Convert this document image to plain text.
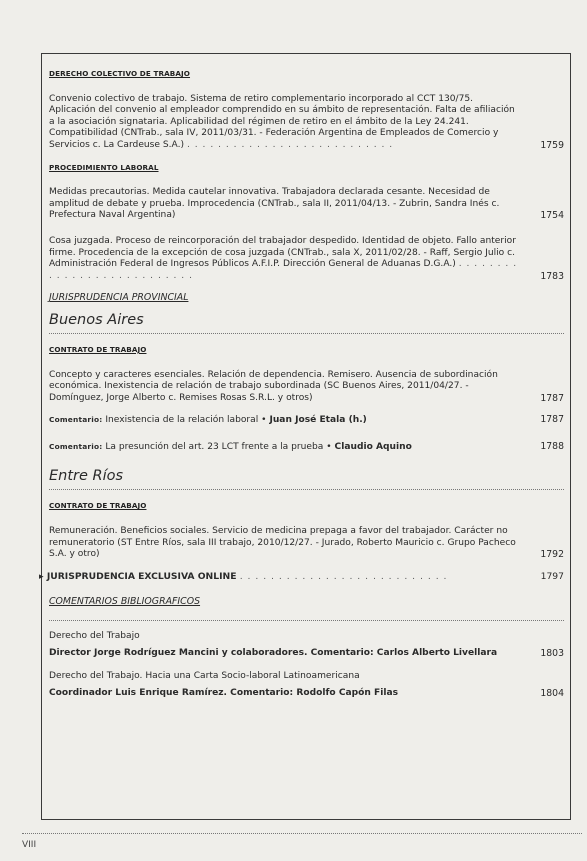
DERECHO COLECTIVO DE TRABAJO
Convenio colectivo de trabajo. Sistema de retiro complementario incorporado al CCT 130/75. Aplicación del convenio al empleador comprendido en su ámbito de representación. Falta de afiliación a la asociación signataria. Aplicabilidad del régimen de retiro en el ámbito de la Ley 24.241. Compatibilidad (CNTrab., sala IV, 2011/03/31. - Federación Argentina de Empleados de Comercio y Servicios c. La Cardeuse S.A.) . . . . . . . . . . . . . . . . . . . . . . . . . . .	1759
PROCEDIMIENTO LABORAL
Medidas precautorias. Medida cautelar innovativa. Trabajadora declarada cesante. Necesidad de amplitud de debate y prueba. Improcedencia (CNTrab., sala II, 2011/04/13. - Zubrin, Sandra Inés c. Prefectura Naval Argentina)	1754
Cosa juzgada. Proceso de reincorporación del trabajador despedido. Identidad de objeto. Fallo anterior firme. Procedencia de la excepción de cosa juzgada (CNTrab., sala X, 2011/02/28. - Raff, Sergio Julio c. Administración Federal de Ingresos Públicos A.F.I.P. Dirección General de Aduanas D.G.A.) . . . . . . . . . . . . . . . . . . . . . . . . . . .	1783
JURISPRUDENCIA PROVINCIAL
Buenos Aires
CONTRATO DE TRABAJO
Concepto y caracteres esenciales. Relación de dependencia. Remisero. Ausencia de subordinación económica. Inexistencia de relación de trabajo subordinada (SC Buenos Aires, 2011/04/27. - Domínguez, Jorge Alberto c. Remises Rosas S.R.L. y otros)	1787
Comentario: Inexistencia de la relación laboral • Juan José Etala (h.)	1787
Comentario: La presunción del art. 23 LCT frente a la prueba • Claudio Aquino	1788
Entre Ríos
CONTRATO DE TRABAJO
Remuneración. Beneficios sociales. Servicio de medicina prepaga a favor del trabajador. Carácter no remuneratorio (ST Entre Ríos, sala III trabajo, 2010/12/27. - Jurado, Roberto Mauricio c. Grupo Pacheco S.A. y otro)	1792
▸ JURISPRUDENCIA EXCLUSIVA ONLINE . . . . . . . . . . . . . . . . . . . . . . . . . . .	1797
COMENTARIOS BIBLIOGRAFICOS
Derecho del Trabajo
Director Jorge Rodríguez Mancini y colaboradores. Comentario: Carlos Alberto Livellara	1803
Derecho del Trabajo. Hacia una Carta Socio-laboral Latinoamericana
Coordinador Luis Enrique Ramírez. Comentario: Rodolfo Capón Filas	1804
VIII
